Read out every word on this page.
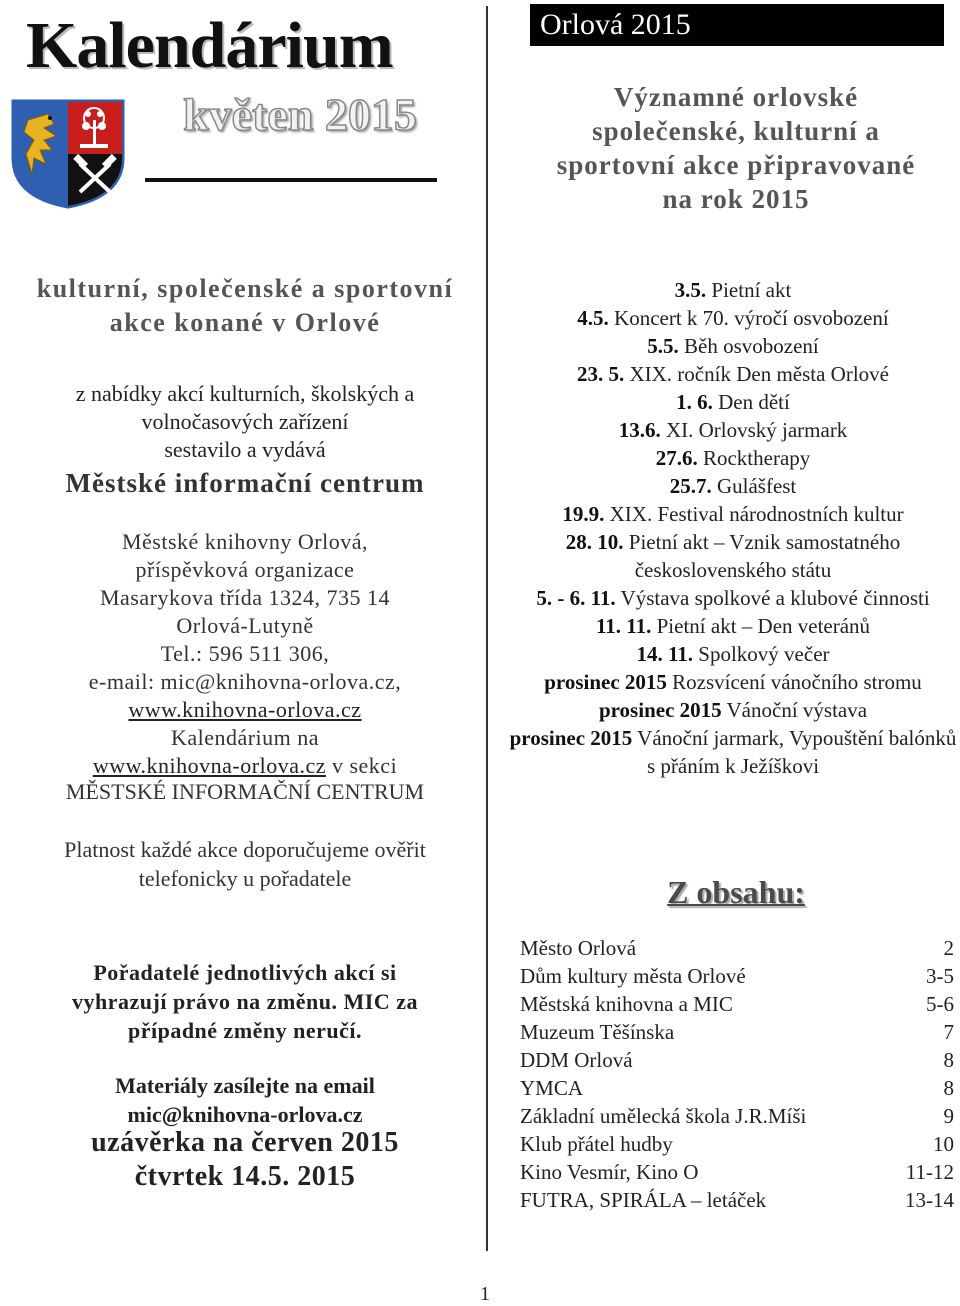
Kalendárium
květen 2015
Orlová 2015
Významné orlovské
společenské, kulturní a
sportovní akce připravované
na rok 2015
kulturní, společenské a sportovní
akce konané v Orlové
z nabídky akcí kulturních, školských a
volnočasových zařízení
sestavilo a vydává
Městské informační centrum
Městské knihovny Orlová,
příspěvková organizace
Masarykova třída 1324, 735 14
Orlová-Lutyně
Tel.: 596 511 306,
e-mail: mic@knihovna-orlova.cz,
www.knihovna-orlova.cz
Kalendárium na
www.knihovna-orlova.cz v sekci
MĚSTSKÉ INFORMAČNÍ CENTRUM
Platnost každé akce doporučujeme ověřit
telefonicky u pořadatele
Pořadatelé jednotlivých akcí si
vyhrazují právo na změnu. MIC za
případné změny neručí.
Materiály zasílejte na email
mic@knihovna-orlova.cz
uzávěrka na červen 2015
čtvrtek 14.5. 2015
3.5. Pietní akt
4.5. Koncert k 70. výročí osvobození
5.5. Běh osvobození
23. 5. XIX. ročník Den města Orlové
1. 6. Den dětí
13.6. XI. Orlovský jarmark
27.6. Rocktherapy
25.7. Gulášfest
19.9. XIX. Festival národnostních kultur
28. 10. Pietní akt – Vznik samostatného československého státu
5. - 6. 11. Výstava spolkové a klubové činnosti
11. 11. Pietní akt – Den veteránů
14. 11. Spolkový večer
prosinec 2015 Rozsvícení vánočního stromu
prosinec 2015 Vánoční výstava
prosinec 2015 Vánoční jarmark, Vypouštění balónků s přáním k Ježíškovi
Z obsahu:
Město Orlová	2
Dům kultury města Orlové	3-5
Městská knihovna a MIC	5-6
Muzeum Těšínska	7
DDM Orlová	8
YMCA	8
Základní umělecká škola J.R.Míši	9
Klub přátel hudby	10
Kino Vesmír, Kino O	11-12
FUTRA, SPIRÁLA – letáček	13-14
1
